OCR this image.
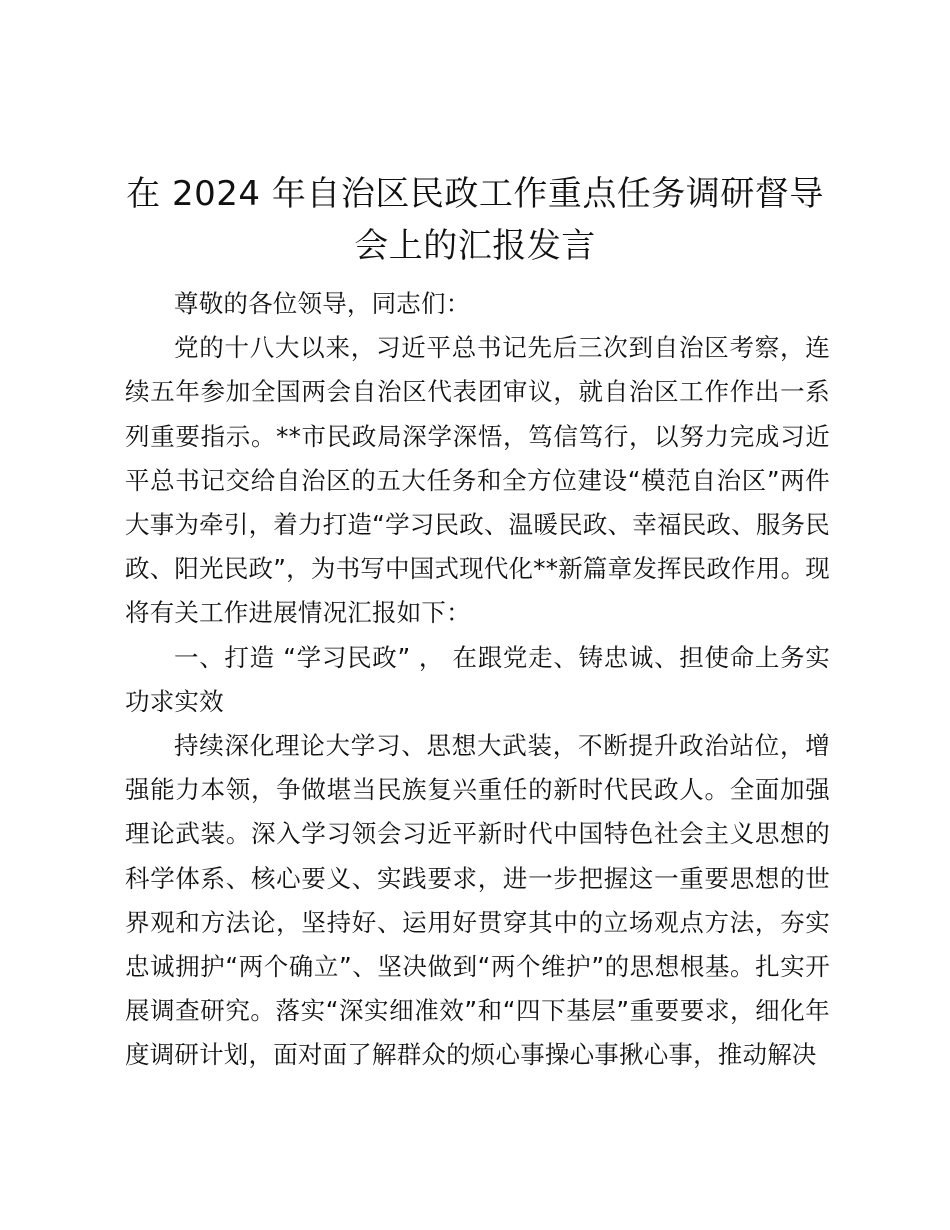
在 2024 年自治区民政工作重点任务调研督导
会上的汇报发言

尊敬的各位领导，同志们：

党的十八大以来，习近平总书记先后三次到自治区考察，连续五年参加全国两会自治区代表团审议，就自治区工作作出一系列重要指示。**市民政局深学深悟，笃信笃行，以努力完成习近平总书记交给自治区的五大任务和全方位建设“模范自治区”两件大事为牵引，着力打造“学习民政、温暖民政、幸福民政、服务民政、阳光民政”，为书写中国式现代化**新篇章发挥民政作用。现将有关工作进展情况汇报如下：

一、打造 “学习民政” ， 在跟党走、铸忠诚、担使命上务实功求实效

持续深化理论大学习、思想大武装，不断提升政治站位，增强能力本领，争做堪当民族复兴重任的新时代民政人。全面加强理论武装。深入学习领会习近平新时代中国特色社会主义思想的科学体系、核心要义、实践要求，进一步把握这一重要思想的世界观和方法论，坚持好、运用好贯穿其中的立场观点方法，夯实忠诚拥护“两个确立”、坚决做到“两个维护”的思想根基。扎实开展调查研究。落实“深实细准效”和“四下基层”重要要求，细化年度调研计划，面对面了解群众的烦心事操心事揪心事，推动解决
